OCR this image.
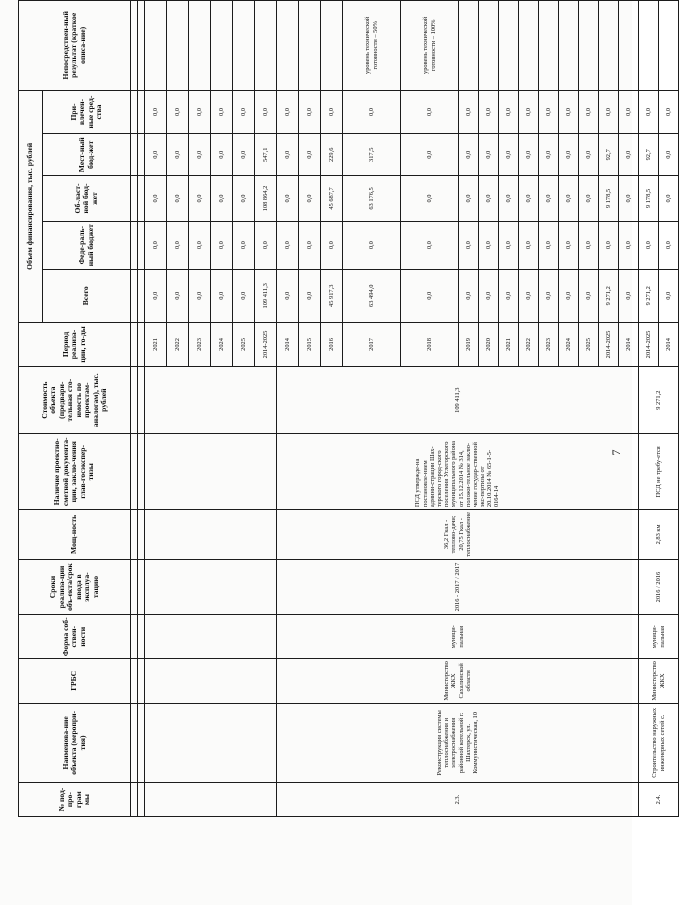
7
№ под-про-грам мы	Наименова-ние объекта (меропри-тия)	ГРБС	Форма соб-ствен-ности	Сроки реализа-ции объ-екта/срок ввода в эксплуа-тацию	Мощ-ность	Наличие проектно-сметной документа-ции, заклю-чения глав-госэкспер-тизы	Стоимость объекта (предвари-тельная сто-имость по проектам-аналогам), тыс. рублей	Период реализа-ции, го-ды	Объем финансирования, тыс. рублей					Непосредствен-ный результат (краткое описа-ние)
									Всего	Феде-раль-ный бюджет	Об-ласт-ной бюд-жет	Мест-ный бюд-жет	При-влечен-ные сред-ства	

								2021	0,0	0,0	0,0	0,0	0,0	
								2022	0,0	0,0	0,0	0,0	0,0	
								2023	0,0	0,0	0,0	0,0	0,0	
								2024	0,0	0,0	0,0	0,0	0,0	
								2025	0,0	0,0	0,0	0,0	0,0	
								2014-2025	109 411,3	0,0	108 864,2	547,1	0,0	
2.3.	Реконструкция системы теплоснабжения и электроснабжения районной котельной г. Шахтерск, ул. Коммунистическая, 10	Министерство ЖКХ Сахалинской области	муници-пальная	2016 - 2017 / 2017	36,2 Гкал - теплово-дачи; 20,75 Гкал - теплоснабжение	ПСД утвержде-на постановле-нием админи-страции Шах-терского город-ского поселения Углегорского муниципального района от 15.12.2014 № 314, положи-тельное заклю-чение государ-ственной экс-пертизы от 20.10.2014 № 65-1-5-0164-14	109 411,3	2014	0,0	0,0	0,0	0,0	0,0	
								2015	0,0	0,0	0,0	0,0	0,0	
								2016	45 917,3	0,0	45 687,7	229,6	0,0	
								2017	63 494,0	0,0	63 176,5	317,5	0,0	уровень технической готовности – 50%
								2018	0,0	0,0	0,0	0,0	0,0	уровень технической готовности – 100%
								2019	0,0	0,0	0,0	0,0	0,0	
								2020	0,0	0,0	0,0	0,0	0,0	
								2021	0,0	0,0	0,0	0,0	0,0	
								2022	0,0	0,0	0,0	0,0	0,0	
								2023	0,0	0,0	0,0	0,0	0,0	
								2024	0,0	0,0	0,0	0,0	0,0	
								2025	0,0	0,0	0,0	0,0	0,0	
								2014-2025	9 271,2	0,0	9 178,5	92,7	0,0	
								2014	0,0	0,0	0,0	0,0	0,0	
2.4.	Строительство наружных инженерных сетей с.	Министерство ЖКХ	муници-пальная	2016 / 2016	2,83 км	ПСД не требу-ется	9 271,2	2014-2025	9 271,2	0,0	9 178,5	92,7	0,0	
								2014	0,0	0,0	0,0	0,0	0,0	
